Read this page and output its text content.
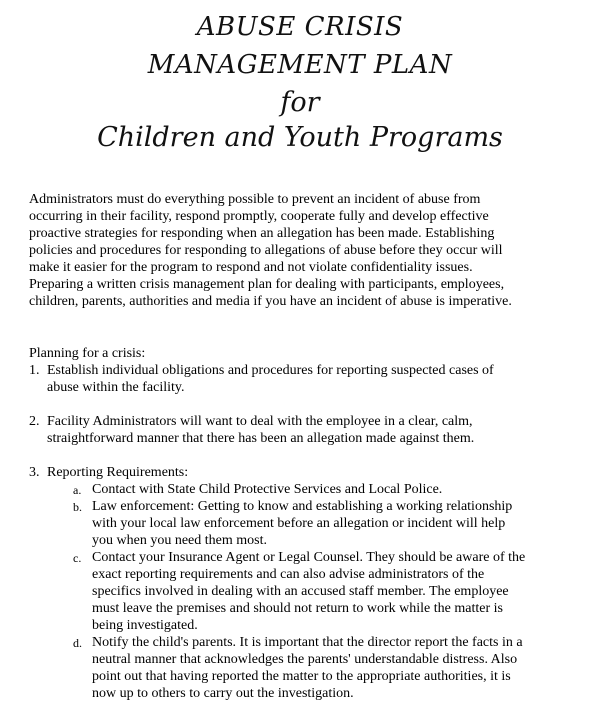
ABUSE CRISIS
MANAGEMENT PLAN
for
Children and Youth Programs
Administrators must do everything possible to prevent an incident of abuse from
occurring in their facility, respond promptly, cooperate fully and develop effective
proactive strategies for responding when an allegation has been made. Establishing
policies and procedures for responding to allegations of abuse before they occur will
make it easier for the program to respond and not violate confidentiality issues.
Preparing a written crisis management plan for dealing with participants, employees,
children, parents, authorities and media if you have an incident of abuse is imperative.
Planning for a crisis:
1. Establish individual obligations and procedures for reporting suspected cases of
abuse within the facility.
2. Facility Administrators will want to deal with the employee in a clear, calm,
straightforward manner that there has been an allegation made against them.
3. Reporting Requirements:
a. Contact with State Child Protective Services and Local Police.
b. Law enforcement: Getting to know and establishing a working relationship
with your local law enforcement before an allegation or incident will help
you when you need them most.
c. Contact your Insurance Agent or Legal Counsel. They should be aware of the
exact reporting requirements and can also advise administrators of the
specifics involved in dealing with an accused staff member. The employee
must leave the premises and should not return to work while the matter is
being investigated.
d. Notify the child's parents. It is important that the director report the facts in a
neutral manner that acknowledges the parents' understandable distress. Also
point out that having reported the matter to the appropriate authorities, it is
now up to others to carry out the investigation.
